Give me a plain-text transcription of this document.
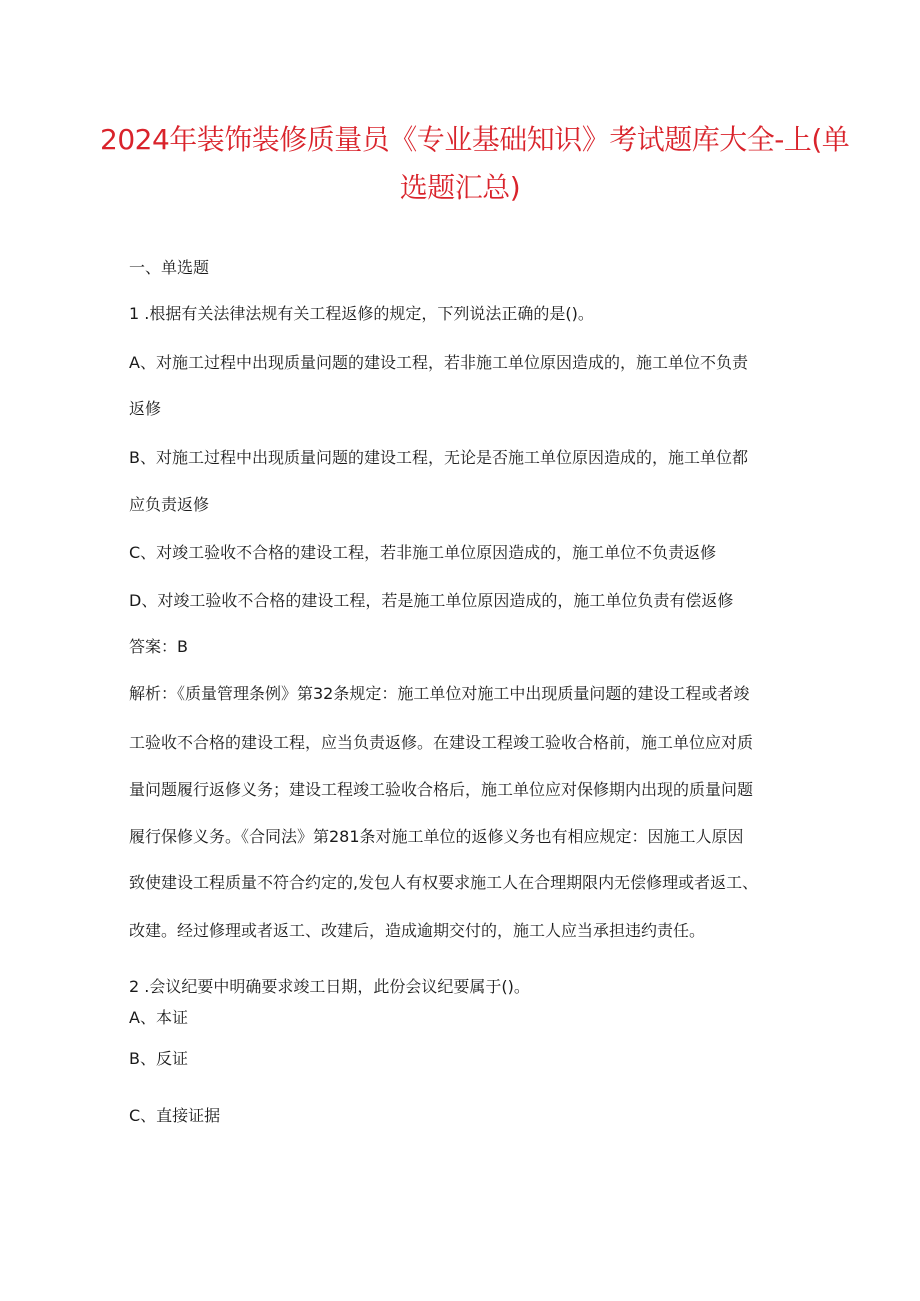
2024年装饰装修质量员《专业基础知识》考试题库大全-上(单
选题汇总)
一、单选题
1 .根据有关法律法规有关工程返修的规定，下列说法正确的是()。
A、对施工过程中出现质量问题的建设工程，若非施工单位原因造成的，施工单位不负责
返修
B、对施工过程中出现质量问题的建设工程，无论是否施工单位原因造成的，施工单位都
应负责返修
C、对竣工验收不合格的建设工程，若非施工单位原因造成的，施工单位不负责返修
D、对竣工验收不合格的建设工程，若是施工单位原因造成的，施工单位负责有偿返修
答案：B
解析：《质量管理条例》第32条规定：施工单位对施工中出现质量问题的建设工程或者竣
工验收不合格的建设工程，应当负责返修。在建设工程竣工验收合格前，施工单位应对质
量问题履行返修义务；建设工程竣工验收合格后，施工单位应对保修期内出现的质量问题
履行保修义务。《合同法》第281条对施工单位的返修义务也有相应规定：因施工人原因
致使建设工程质量不符合约定的,发包人有权要求施工人在合理期限内无偿修理或者返工、
改建。经过修理或者返工、改建后，造成逾期交付的，施工人应当承担违约责任。
2 .会议纪要中明确要求竣工日期，此份会议纪要属于()。
A、本证
B、反证
C、直接证据
